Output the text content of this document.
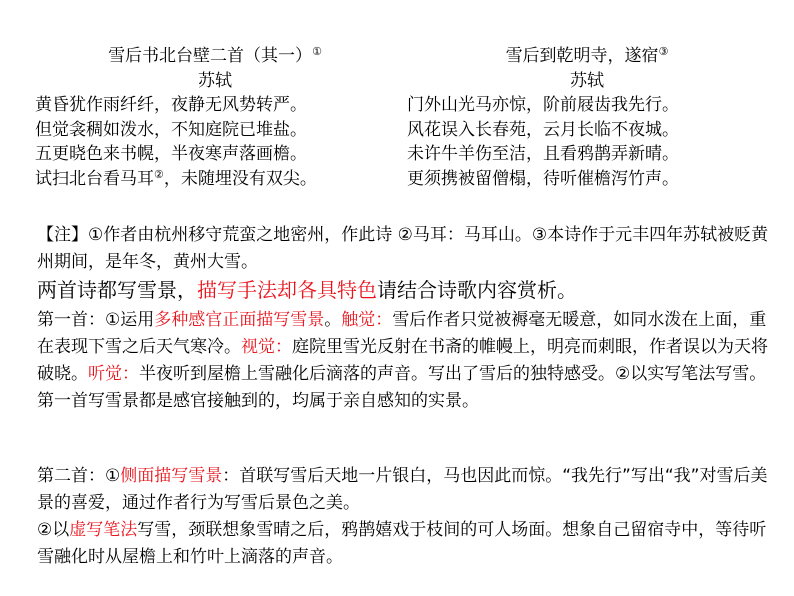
雪后书北台壁二首（其一）①
苏轼
黄昏犹作雨纤纤，夜静无风势转严。
但觉衾稠如泼水，不知庭院已堆盐。
五更晓色来书幌，半夜寒声落画檐。
试扫北台看马耳②，未随埋没有双尖。
雪后到乾明寺，遂宿③
苏轼
门外山光马亦惊，阶前屐齿我先行。
风花误入长春苑，云月长临不夜城。
未许牛羊伤至洁，且看鸦鹊弄新晴。
更须携被留僧榻，待听催檐泻竹声。
【注】①作者由杭州移守荒蛮之地密州，作此诗 ②马耳：马耳山。③本诗作于元丰四年苏轼被贬黄州期间，是年冬，黄州大雪。
两首诗都写雪景，描写手法却各具特色请结合诗歌内容赏析。
第一首：①运用多种感官正面描写雪景。触觉：雪后作者只觉被褥毫无暖意，如同水泼在上面，重在表现下雪之后天气寒冷。视觉：庭院里雪光反射在书斋的帷幔上，明亮而刺眼，作者误以为天将破晓。听觉：半夜听到屋檐上雪融化后滴落的声音。写出了雪后的独特感受。②以实写笔法写雪。第一首写雪景都是感官接触到的，均属于亲自感知的实景。
第二首：①侧面描写雪景：首联写雪后天地一片银白，马也因此而惊。“我先行”写出“我”对雪后美景的喜爱，通过作者行为写雪后景色之美。
②以虚写笔法写雪，颈联想象雪晴之后，鸦鹊嬉戏于枝间的可人场面。想象自己留宿寺中，等待听雪融化时从屋檐上和竹叶上滴落的声音。
